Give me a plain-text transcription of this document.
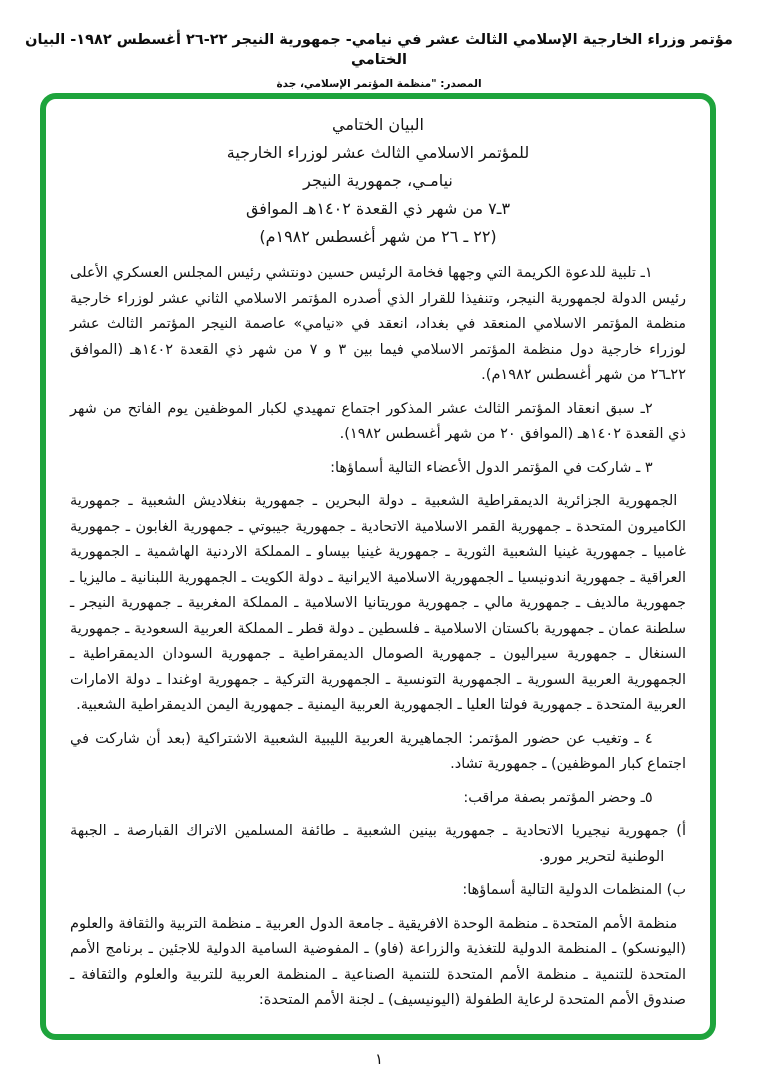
مؤتمر وزراء الخارجية الإسلامي الثالث عشر في نيامي- جمهورية النيجر ٢٢-٢٦ أغسطس ١٩٨٢- البيان الختامي
المصدر: "منظمة المؤتمر الإسلامي، جدة
البيان الختامي
للمؤتمر الاسلامي الثالث عشر لوزراء الخارجية
نيامـي، جمهورية النيجر
٣ـ٧ من شهر ذي القعدة ١٤٠٢هـ الموافق
(٢٢ ـ ٢٦ من شهر أغسطس ١٩٨٢م)
١ـ تلبية للدعوة الكريمة التي وجهها فخامة الرئيس حسين دونتشي رئيس المجلس العسكري الأعلى رئيس الدولة لجمهورية النيجر، وتنفيذا للقرار الذي أصدره المؤتمر الاسلامي الثاني عشر لوزراء خارجية منظمة المؤتمر الاسلامي المنعقد في بغداد، انعقد في «نيامي» عاصمة النيجر المؤتمر الثالث عشر لوزراء خارجية دول منظمة المؤتمر الاسلامي فيما بين ٣ و ٧ من شهر ذي القعدة ١٤٠٢هـ (الموافق ٢٢ـ٢٦ من شهر أغسطس ١٩٨٢م).
٢ـ سبق انعقاد المؤتمر الثالث عشر المذكور اجتماع تمهيدي لكبار الموظفين يوم الفاتح من شهر ذي القعدة ١٤٠٢هـ (الموافق ٢٠ من شهر أغسطس ١٩٨٢).
٣ ـ شاركت في المؤتمر الدول الأعضاء التالية أسماؤها:
الجمهورية الجزائرية الديمقراطية الشعبية ـ دولة البحرين ـ جمهورية بنغلاديش الشعبية ـ جمهورية الكاميرون المتحدة ـ جمهورية القمر الاسلامية الاتحادية ـ جمهورية جيبوتي ـ جمهورية الغابون ـ جمهورية غامبيا ـ جمهورية غينيا الشعبية الثورية ـ جمهورية غينيا بيساو ـ المملكة الاردنية الهاشمية ـ الجمهورية العراقية ـ جمهورية اندونيسيا ـ الجمهورية الاسلامية الايرانية ـ دولة الكويت ـ الجمهورية اللبنانية ـ ماليزيا ـ جمهورية مالديف ـ جمهورية مالي ـ جمهورية موريتانيا الاسلامية ـ المملكة المغربية ـ جمهورية النيجر ـ سلطنة عمان ـ جمهورية باكستان الاسلامية ـ فلسطين ـ دولة قطر ـ المملكة العربية السعودية ـ جمهورية السنغال ـ جمهورية سيراليون ـ جمهورية الصومال الديمقراطية ـ جمهورية السودان الديمقراطية ـ الجمهورية العربية السورية ـ الجمهورية التونسية ـ الجمهورية التركية ـ جمهورية اوغندا ـ دولة الامارات العربية المتحدة ـ جمهورية فولتا العليا ـ الجمهورية العربية اليمنية ـ جمهورية اليمن الديمقراطية الشعبية.
٤ ـ وتغيب عن حضور المؤتمر: الجماهيرية العربية الليبية الشعبية الاشتراكية (بعد أن شاركت في اجتماع كبار الموظفين) ـ جمهورية تشاد.
٥ـ وحضر المؤتمر بصفة مراقب:
أ) جمهورية نيجيريا الاتحادية ـ جمهورية بينين الشعبية ـ طائفة المسلمين الاتراك القبارصة ـ الجبهة الوطنية لتحرير مورو.
ب) المنظمات الدولية التالية أسماؤها:
منظمة الأمم المتحدة ـ منظمة الوحدة الافريقية ـ جامعة الدول العربية ـ منظمة التربية والثقافة والعلوم (اليونسكو) ـ المنظمة الدولية للتغذية والزراعة (فاو) ـ المفوضية السامية الدولية للاجئين ـ برنامج الأمم المتحدة للتنمية ـ منظمة الأمم المتحدة للتنمية الصناعية ـ المنظمة العربية للتربية والعلوم والثقافة ـ صندوق الأمم المتحدة لرعاية الطفولة (اليونيسيف) ـ لجنة الأمم المتحدة:
١
